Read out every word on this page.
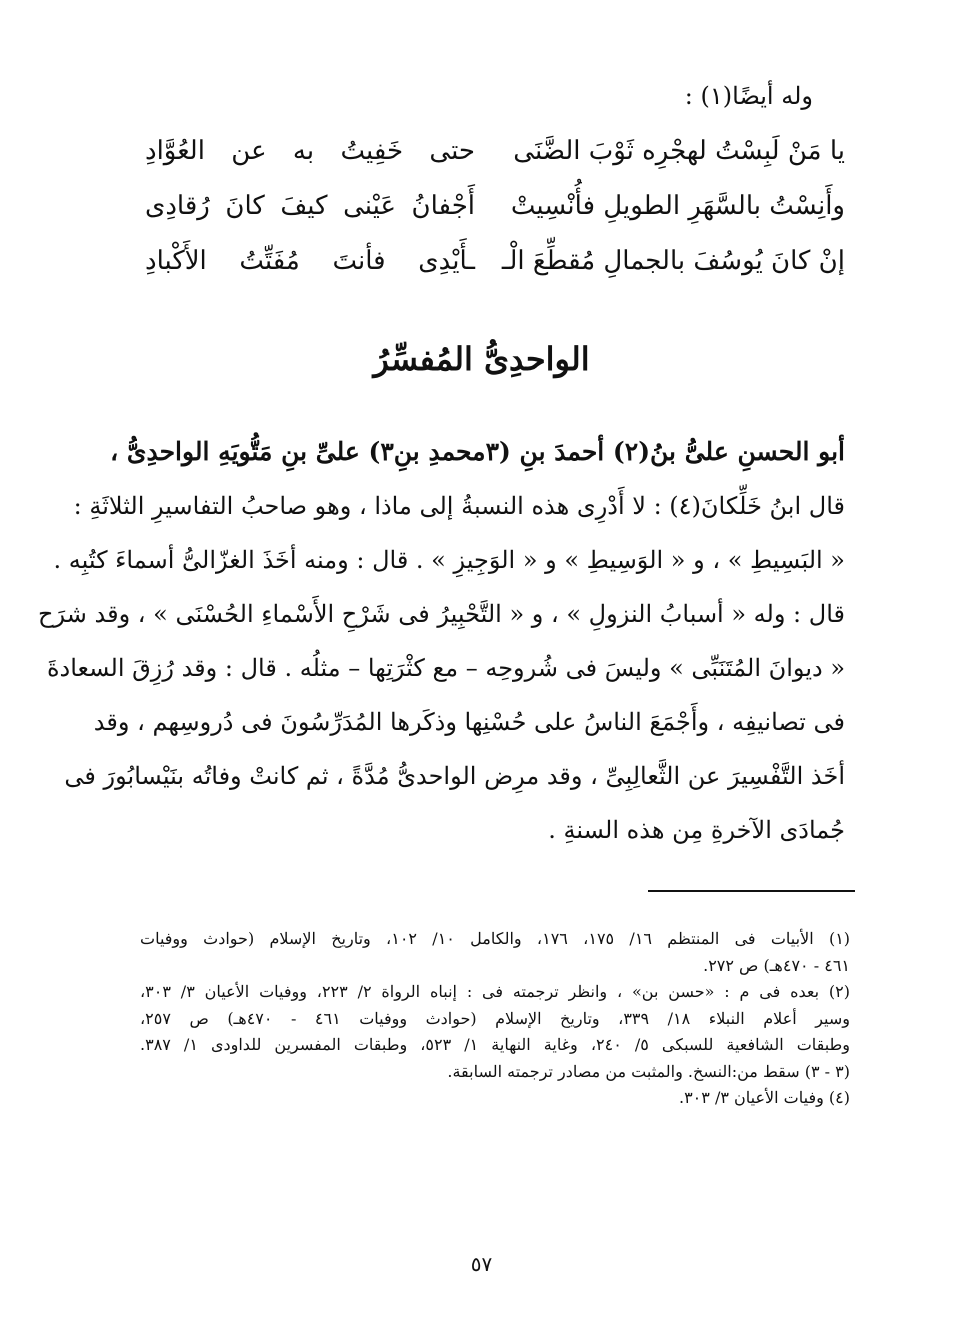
وله أيضًا(١) :
يا مَنْ لَبِسْتُ لهجْرِه ثَوْبَ الضَّنَى
حتى خَفِيتُ به عن العُوَّادِ
وأَنِسْتُ بالسَّهَرِ الطويلِ فأُنْسِيتْ
أَجْفانُ عَيْنى كيفَ كانَ رُقادِى
إنْ كانَ يُوسُفَ بالجمالِ مُقطِّعَ الْـ
ـأَيْدِى فأنتَ مُفَتِّتُ الأَكْبادِ
الواحدِىُّ المُفسِّرُ
أبو الحسنِ علىُّ بنُ(٢) أحمدَ بنِ (٣محمدِ بنِ٣) علىِّ بنِ مَتُّويَهِ الواحدِىُّ ،
قال ابنُ خَلِّكانَ(٤) : لا أَدْرِى هذه النسبةُ إلى ماذا ، وهو صاحبُ التفاسيرِ الثلاثَةِ :
« البَسِيطِ » ، و « الوَسِيطِ » و « الوَجِيزِ » . قال : ومنه أخَذَ الغزّالىُّ أسماءَ كتُبِه .
قال : وله « أسبابُ النزولِ » ، و « التَّحْبِيرُ فى شَرْحِ الأَسْماءِ الحُسْنَى » ، وقد شرَح
« ديوانَ المُتَنَبِّى » وليسَ فى شُروحِه – مع كثْرَتِها – مثلُه . قال : وقد رُزِقَ السعادةَ
فى تصانيفِه ، وأَجْمَعَ الناسُ على حُسْنِها وذكَرها المُدَرِّسُونَ فى دُروسِهم ، وقد
أخَذ التَّفْسِيرَ عن الثَّعالِبِىِّ ، وقد مرِض الواحدىُّ مُدَّةً ، ثم كانتْ وفاتُه بنَيْسابُورَ فى
جُمادَى الآخرةِ مِن هذه السنةِ .
(١) الأبيات فى المنتظم ١٦/ ١٧٥، ١٧٦، والكامل ١٠/ ١٠٢، وتاريخ الإسلام (حوادث ووفيات
٤٦١ - ٤٧٠هـ) ص ٢٧٢.
(٢) بعده فى م : «حسن بن» ، وانظر ترجمته فى : إنباه الرواة ٢/ ٢٢٣، ووفيات الأعيان ٣/ ٣٠٣،
وسير أعلام النبلاء ١٨/ ٣٣٩، وتاريخ الإسلام (حوادث ووفيات ٤٦١ - ٤٧٠هـ) ص ٢٥٧،
وطبقات الشافعية للسبكى ٥/ ٢٤٠، وغاية النهاية ١/ ٥٢٣، وطبقات المفسرين للداودى ١/ ٣٨٧.
(٣ - ٣) سقط من:النسخ. والمثبت من مصادر ترجمته السابقة.
(٤) وفيات الأعيان ٣/ ٣٠٣.
٥٧
